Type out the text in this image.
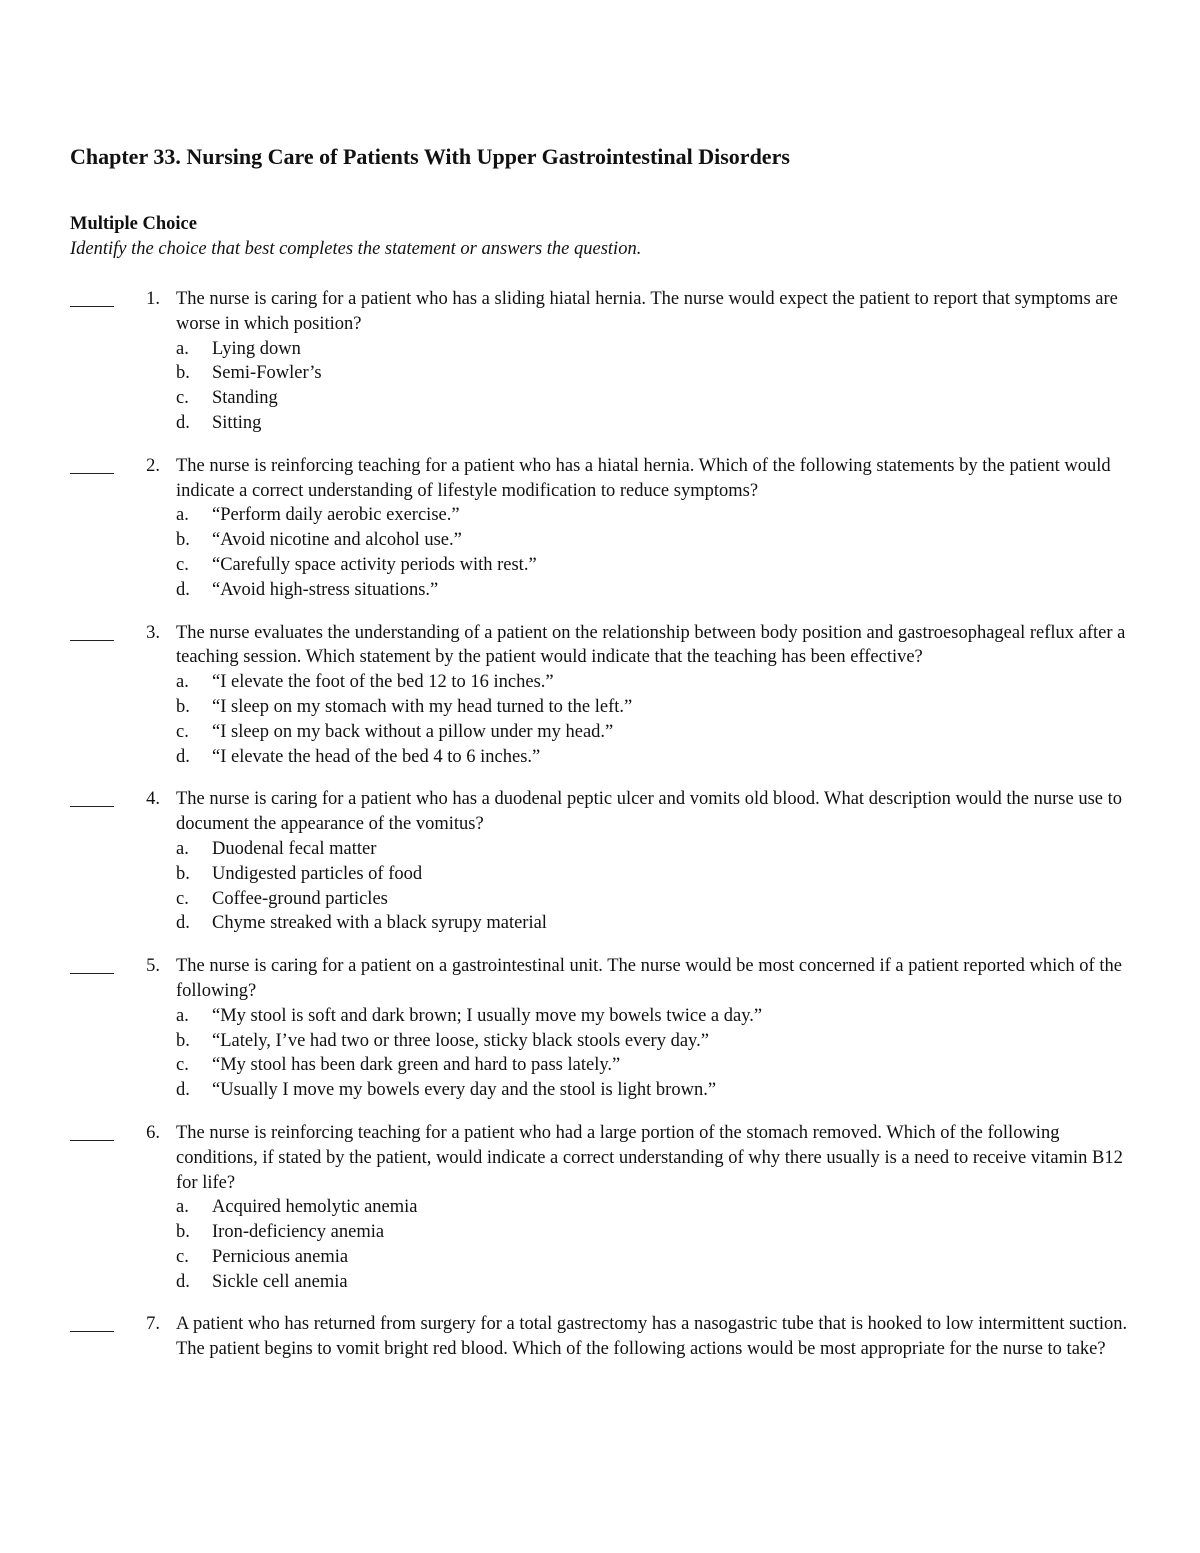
Chapter 33. Nursing Care of Patients With Upper Gastrointestinal Disorders
Multiple Choice
Identify the choice that best completes the statement or answers the question.
1. The nurse is caring for a patient who has a sliding hiatal hernia. The nurse would expect the patient to report that symptoms are worse in which position?
a.	Lying down
b.	Semi-Fowler’s
c.	Standing
d.	Sitting
2. The nurse is reinforcing teaching for a patient who has a hiatal hernia. Which of the following statements by the patient would indicate a correct understanding of lifestyle modification to reduce symptoms?
a.	“Perform daily aerobic exercise.”
b.	“Avoid nicotine and alcohol use.”
c.	“Carefully space activity periods with rest.”
d.	“Avoid high-stress situations.”
3. The nurse evaluates the understanding of a patient on the relationship between body position and gastroesophageal reflux after a teaching session. Which statement by the patient would indicate that the teaching has been effective?
a.	“I elevate the foot of the bed 12 to 16 inches.”
b.	“I sleep on my stomach with my head turned to the left.”
c.	“I sleep on my back without a pillow under my head.”
d.	“I elevate the head of the bed 4 to 6 inches.”
4. The nurse is caring for a patient who has a duodenal peptic ulcer and vomits old blood. What description would the nurse use to document the appearance of the vomitus?
a.	Duodenal fecal matter
b.	Undigested particles of food
c.	Coffee-ground particles
d.	Chyme streaked with a black syrupy material
5. The nurse is caring for a patient on a gastrointestinal unit. The nurse would be most concerned if a patient reported which of the following?
a.	“My stool is soft and dark brown; I usually move my bowels twice a day.”
b.	“Lately, I’ve had two or three loose, sticky black stools every day.”
c.	“My stool has been dark green and hard to pass lately.”
d.	“Usually I move my bowels every day and the stool is light brown.”
6. The nurse is reinforcing teaching for a patient who had a large portion of the stomach removed. Which of the following conditions, if stated by the patient, would indicate a correct understanding of why there usually is a need to receive vitamin B12 for life?
a.	Acquired hemolytic anemia
b.	Iron-deficiency anemia
c.	Pernicious anemia
d.	Sickle cell anemia
7. A patient who has returned from surgery for a total gastrectomy has a nasogastric tube that is hooked to low intermittent suction. The patient begins to vomit bright red blood. Which of the following actions would be most appropriate for the nurse to take?
